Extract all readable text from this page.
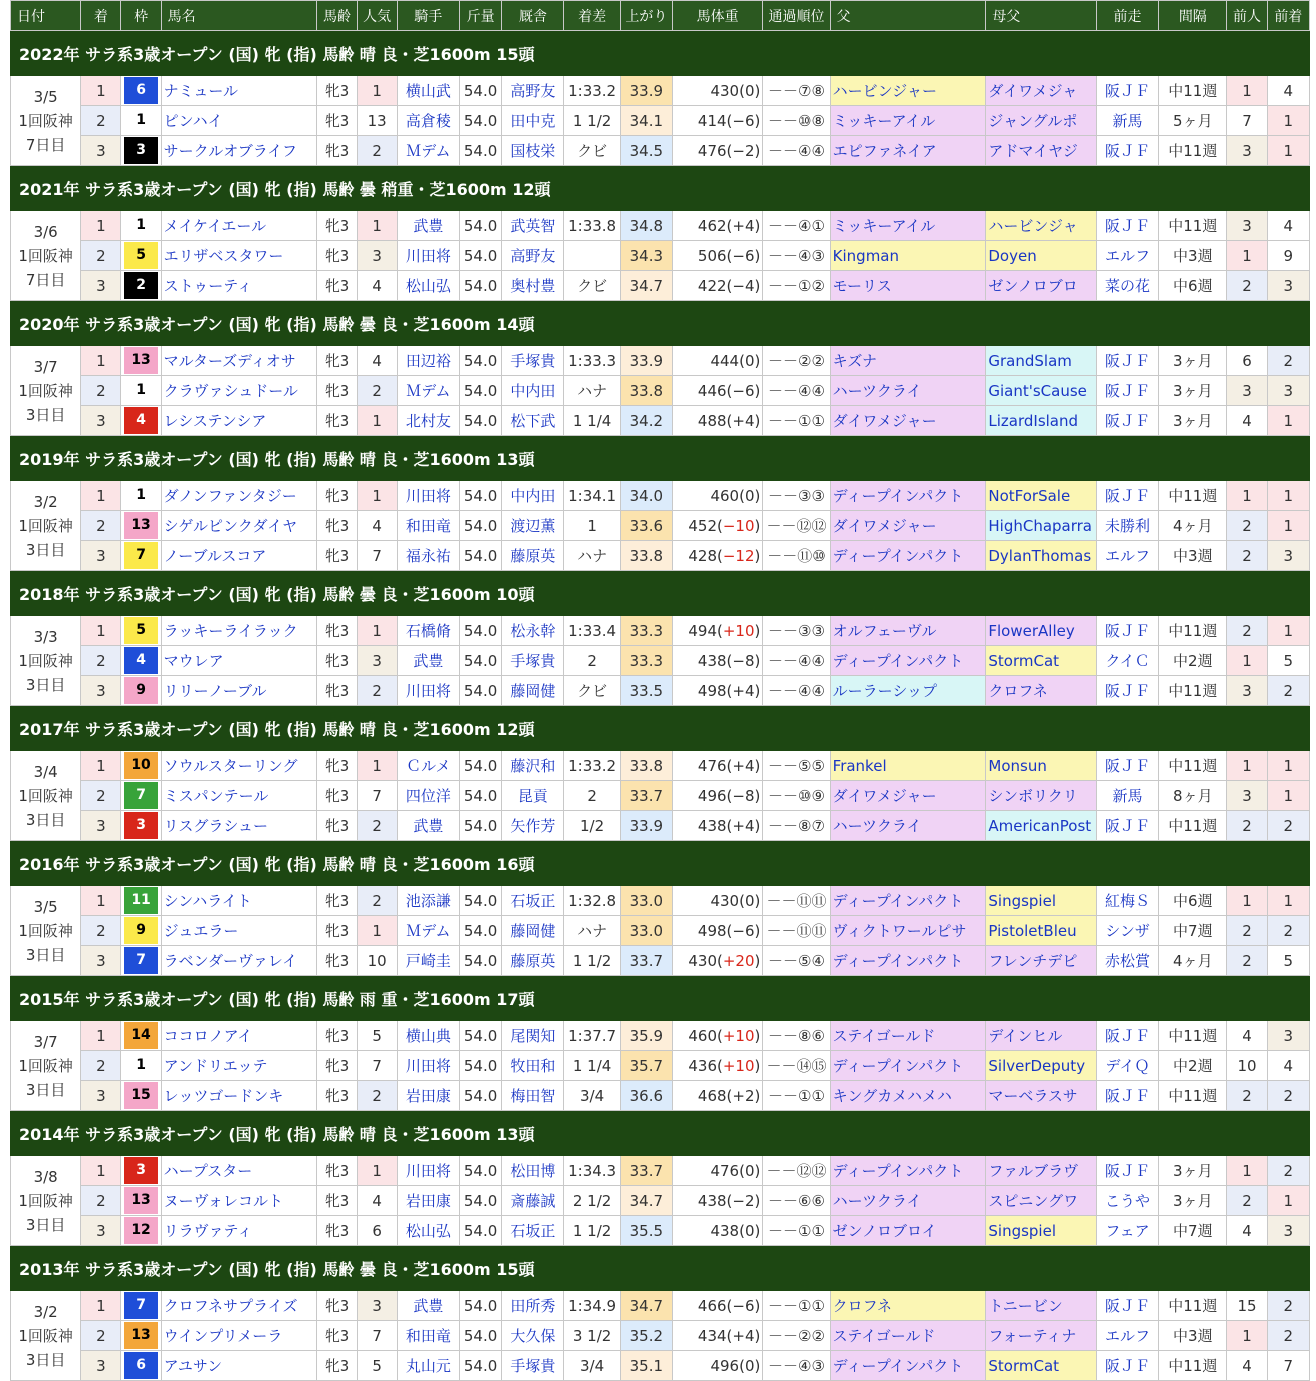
日付	着	枠	馬名	馬齢	人気	騎手	斤量	厩舎	着差	上がり	馬体重	通過順位	父	母父	前走	間隔	前人	前着
2022年 サラ系3歳オープン (国) 牝 (指) 馬齢 晴 良・芝1600m 15頭																		

3/5
1回阪神
7日目	1	6	ナミュール	牝3	1	横山武	54.0	高野友	1:33.2	33.9	430(0)	－－⑦⑧	ハービンジャー	ダイワメジャ	阪ＪＦ	中11週	1	4
	2	1	ピンハイ	牝3	13	高倉稜	54.0	田中克	1 1/2	34.1	414(−6)	－－⑩⑧	ミッキーアイル	ジャングルポ	新馬	5ヶ月	7	1
	3	3	サークルオブライフ	牝3	2	Ｍデム	54.0	国枝栄	クビ	34.5	476(−2)	－－④④	エピファネイア	アドマイヤジ	阪ＪＦ	中11週	3	1
2021年 サラ系3歳オープン (国) 牝 (指) 馬齢 曇 稍重・芝1600m 12頭																		

3/6
1回阪神
7日目	1	1	メイケイエール	牝3	1	武豊	54.0	武英智	1:33.8	34.8	462(+4)	－－④①	ミッキーアイル	ハービンジャ	阪ＪＦ	中11週	3	4
	2	5	エリザベスタワー	牝3	3	川田将	54.0	高野友		34.3	506(−6)	－－④③	Kingman	Doyen	エルフ	中3週	1	9
	3	2	ストゥーティ	牝3	4	松山弘	54.0	奥村豊	クビ	34.7	422(−4)	－－①②	モーリス	ゼンノロブロ	菜の花	中6週	2	3
2020年 サラ系3歳オープン (国) 牝 (指) 馬齢 曇 良・芝1600m 14頭																		

3/7
1回阪神
3日目	1	13	マルターズディオサ	牝3	4	田辺裕	54.0	手塚貴	1:33.3	33.9	444(0)	－－②②	キズナ	GrandSlam	阪ＪＦ	3ヶ月	6	2
	2	1	クラヴァシュドール	牝3	2	Ｍデム	54.0	中内田	ハナ	33.8	446(−6)	－－④④	ハーツクライ	Giant'sCause	阪ＪＦ	3ヶ月	3	3
	3	4	レシステンシア	牝3	1	北村友	54.0	松下武	1 1/4	34.2	488(+4)	－－①①	ダイワメジャー	LizardIsland	阪ＪＦ	3ヶ月	4	1
2019年 サラ系3歳オープン (国) 牝 (指) 馬齢 晴 良・芝1600m 13頭																		

3/2
1回阪神
3日目	1	1	ダノンファンタジー	牝3	1	川田将	54.0	中内田	1:34.1	34.0	460(0)	－－③③	ディープインパクト	NotForSale	阪ＪＦ	中11週	1	1
	2	13	シゲルピンクダイヤ	牝3	4	和田竜	54.0	渡辺薫	1	33.6	452(−10)	－－⑫⑫	ダイワメジャー	HighChaparra	未勝利	4ヶ月	2	1
	3	7	ノーブルスコア	牝3	7	福永祐	54.0	藤原英	ハナ	33.8	428(−12)	－－⑪⑩	ディープインパクト	DylanThomas	エルフ	中3週	2	3
2018年 サラ系3歳オープン (国) 牝 (指) 馬齢 曇 良・芝1600m 10頭																		

3/3
1回阪神
3日目	1	5	ラッキーライラック	牝3	1	石橋脩	54.0	松永幹	1:33.4	33.3	494(+10)	－－③③	オルフェーヴル	FlowerAlley	阪ＪＦ	中11週	2	1
	2	4	マウレア	牝3	3	武豊	54.0	手塚貴	2	33.3	438(−8)	－－④④	ディープインパクト	StormCat	クイＣ	中2週	1	5
	3	9	リリーノーブル	牝3	2	川田将	54.0	藤岡健	クビ	33.5	498(+4)	－－④④	ルーラーシップ	クロフネ	阪ＪＦ	中11週	3	2
2017年 サラ系3歳オープン (国) 牝 (指) 馬齢 晴 良・芝1600m 12頭																		

3/4
1回阪神
3日目	1	10	ソウルスターリング	牝3	1	Ｃルメ	54.0	藤沢和	1:33.2	33.8	476(+4)	－－⑤⑤	Frankel	Monsun	阪ＪＦ	中11週	1	1
	2	7	ミスパンテール	牝3	7	四位洋	54.0	昆貢	2	33.7	496(−8)	－－⑩⑨	ダイワメジャー	シンボリクリ	新馬	8ヶ月	3	1
	3	3	リスグラシュー	牝3	2	武豊	54.0	矢作芳	1/2	33.9	438(+4)	－－⑧⑦	ハーツクライ	AmericanPost	阪ＪＦ	中11週	2	2
2016年 サラ系3歳オープン (国) 牝 (指) 馬齢 晴 良・芝1600m 16頭																		

3/5
1回阪神
3日目	1	11	シンハライト	牝3	2	池添謙	54.0	石坂正	1:32.8	33.0	430(0)	－－⑪⑪	ディープインパクト	Singspiel	紅梅Ｓ	中6週	1	1
	2	9	ジュエラー	牝3	1	Ｍデム	54.0	藤岡健	ハナ	33.0	498(−6)	－－⑪⑪	ヴィクトワールピサ	PistoletBleu	シンザ	中7週	2	2
	3	7	ラベンダーヴァレイ	牝3	10	戸崎圭	54.0	藤原英	1 1/2	33.7	430(+20)	－－⑤④	ディープインパクト	フレンチデピ	赤松賞	4ヶ月	2	5
2015年 サラ系3歳オープン (国) 牝 (指) 馬齢 雨 重・芝1600m 17頭																		

3/7
1回阪神
3日目	1	14	ココロノアイ	牝3	5	横山典	54.0	尾関知	1:37.7	35.9	460(+10)	－－⑧⑥	ステイゴールド	デインヒル	阪ＪＦ	中11週	4	3
	2	1	アンドリエッテ	牝3	7	川田将	54.0	牧田和	1 1/4	35.7	436(+10)	－－⑭⑮	ディープインパクト	SilverDeputy	デイＱ	中2週	10	4
	3	15	レッツゴードンキ	牝3	2	岩田康	54.0	梅田智	3/4	36.6	468(+2)	－－①①	キングカメハメハ	マーベラスサ	阪ＪＦ	中11週	2	2
2014年 サラ系3歳オープン (国) 牝 (指) 馬齢 晴 良・芝1600m 13頭																		

3/8
1回阪神
3日目	1	3	ハープスター	牝3	1	川田将	54.0	松田博	1:34.3	33.7	476(0)	－－⑫⑫	ディープインパクト	ファルブラヴ	阪ＪＦ	3ヶ月	1	2
	2	13	ヌーヴォレコルト	牝3	4	岩田康	54.0	斎藤誠	2 1/2	34.7	438(−2)	－－⑥⑥	ハーツクライ	スピニングワ	こうや	3ヶ月	2	1
	3	12	リラヴァティ	牝3	6	松山弘	54.0	石坂正	1 1/2	35.5	438(0)	－－①①	ゼンノロブロイ	Singspiel	フェア	中7週	4	3
2013年 サラ系3歳オープン (国) 牝 (指) 馬齢 曇 良・芝1600m 15頭																		

3/2
1回阪神
3日目	1	7	クロフネサプライズ	牝3	3	武豊	54.0	田所秀	1:34.9	34.7	466(−6)	－－①①	クロフネ	トニービン	阪ＪＦ	中11週	15	2
	2	13	ウインプリメーラ	牝3	7	和田竜	54.0	大久保	3 1/2	35.2	434(+4)	－－②②	ステイゴールド	フォーティナ	エルフ	中3週	1	2
	3	6	アユサン	牝3	5	丸山元	54.0	手塚貴	3/4	35.1	496(0)	－－④③	ディープインパクト	StormCat	阪ＪＦ	中11週	4	7
